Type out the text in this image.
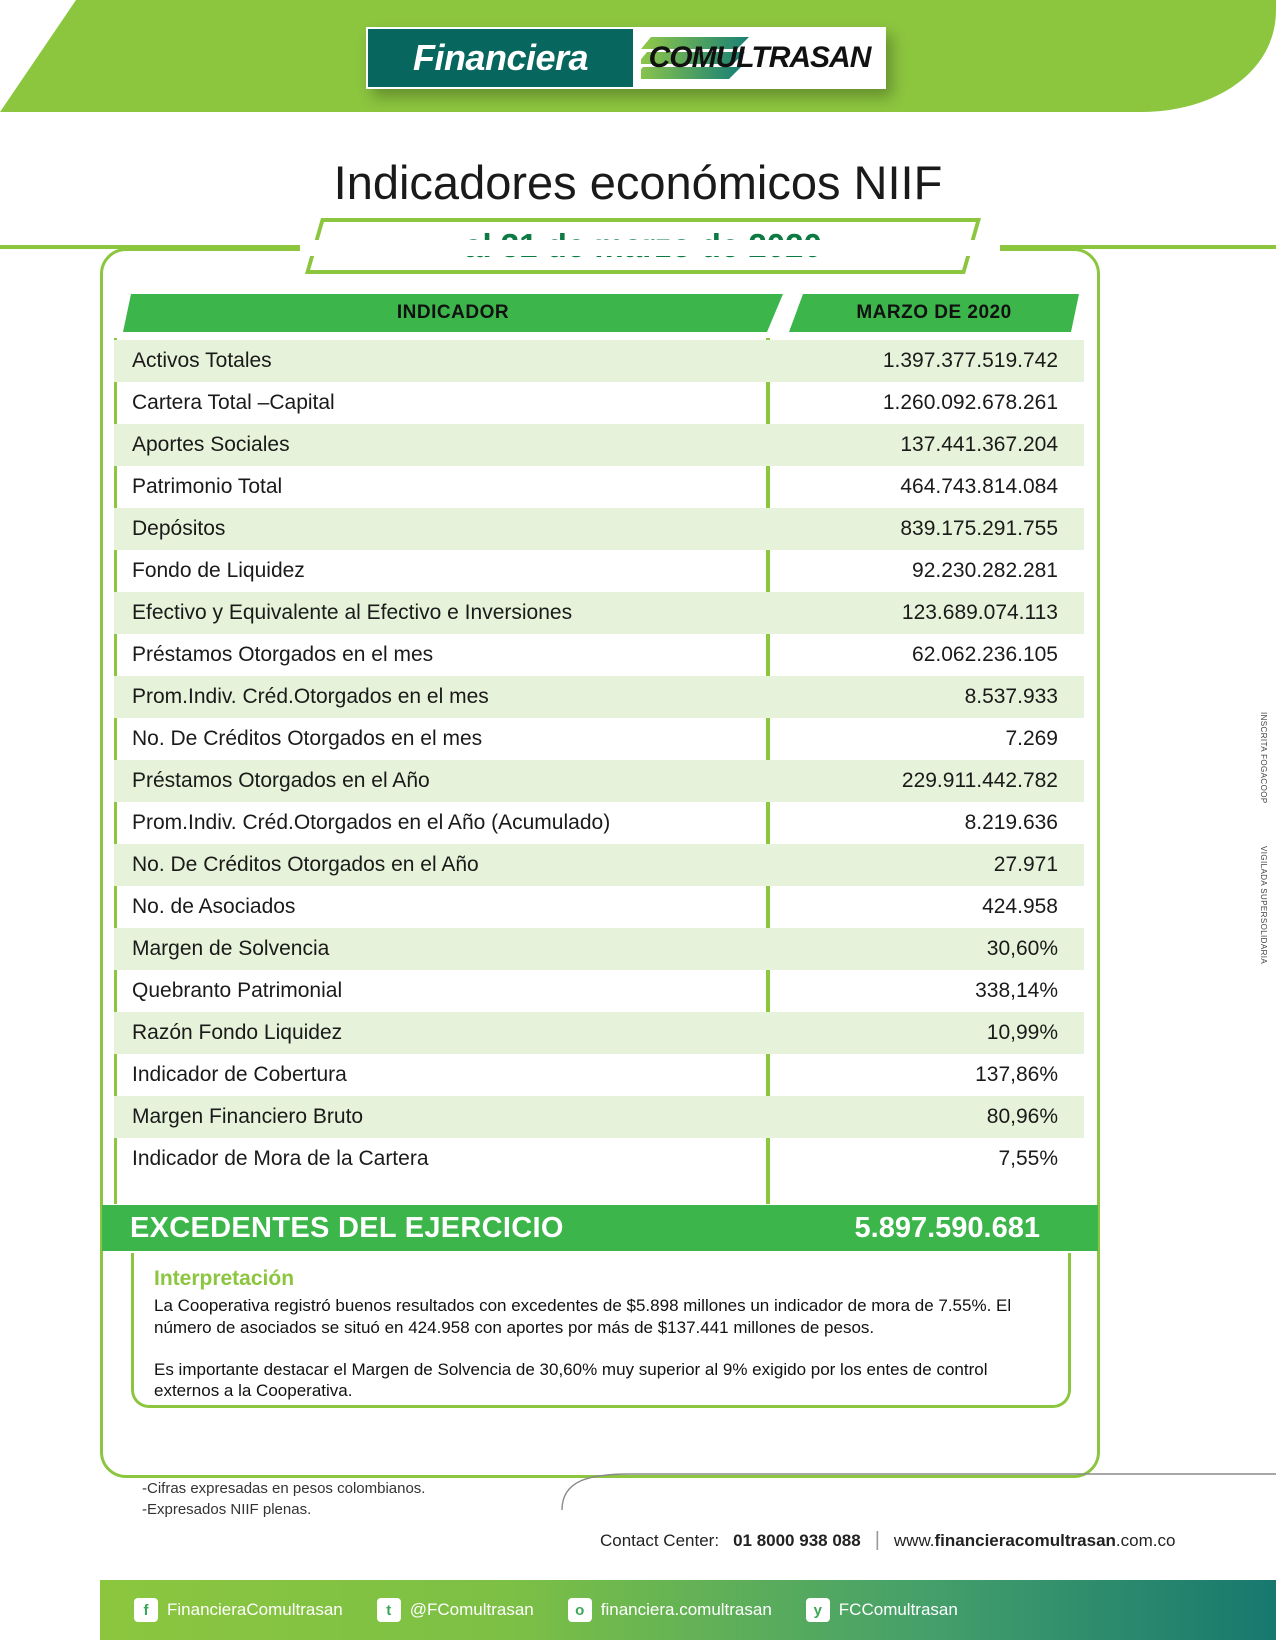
Financiera COMULTRASAN
Indicadores económicos NIIF
INDICADOR	MARZO DE 2020
Activos Totales	1.397.377.519.742
Cartera Total –Capital	1.260.092.678.261
Aportes Sociales	137.441.367.204
Patrimonio Total	464.743.814.084
Depósitos	839.175.291.755
Fondo de Liquidez	92.230.282.281
Efectivo y Equivalente al Efectivo e Inversiones	123.689.074.113
Préstamos Otorgados en el mes	62.062.236.105
Prom.Indiv. Créd.Otorgados en el mes	8.537.933
No. De Créditos Otorgados en el mes	7.269
Préstamos Otorgados en el Año	229.911.442.782
Prom.Indiv. Créd.Otorgados en el Año (Acumulado)	8.219.636
No. De Créditos Otorgados en el Año	27.971
No. de Asociados	424.958
Margen de Solvencia	30,60%
Quebranto Patrimonial	338,14%
Razón Fondo Liquidez	10,99%
Indicador de Cobertura	137,86%
Margen Financiero Bruto	80,96%
Indicador de Mora de la Cartera	7,55%
EXCEDENTES DEL EJERCICIO	5.897.590.681
Interpretación
La Cooperativa registró buenos resultados con excedentes de $5.898 millones un indicador de mora de 7.55%. El número de asociados se situó en 424.958 con aportes por más de $137.441 millones de pesos.
Es importante destacar el Margen de Solvencia de 30,60% muy superior al 9% exigido por los entes de control externos a la Cooperativa.
-Cifras expresadas en pesos colombianos.
-Expresados NIIF plenas.
Contact Center: 01 8000 938 088 | www.financieracomultrasan.com.co
f	FinancieraComultrasan	t	@FComultrasan	o financiera.comultrasan	y FCComultrasan
INSCRITA FOGACOOP
VIGILADA SUPERSOLIDARIA
